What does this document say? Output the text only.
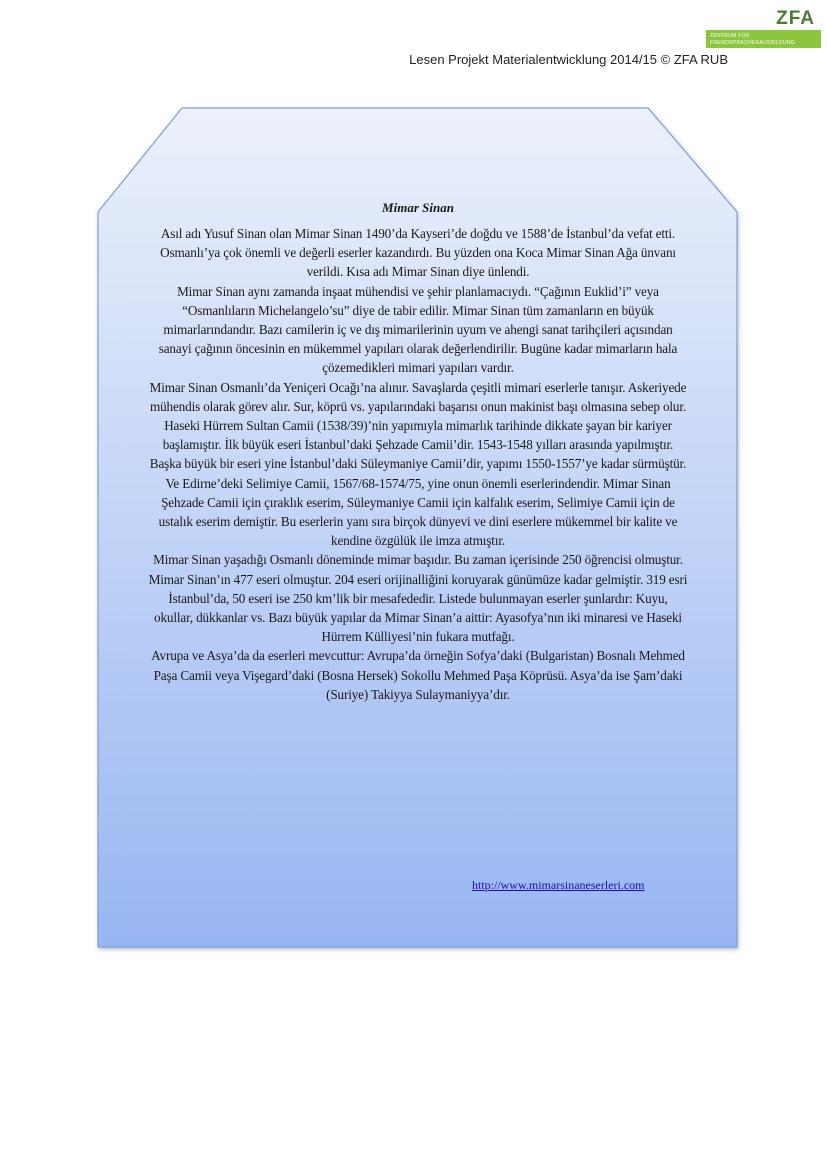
ZFA
ZENTRUM FÜR
FREMDSPRACHENAUSBILDUNG
Lesen Projekt Materialentwicklung 2014/15 © ZFA RUB
Mimar Sinan

Asıl adı Yusuf Sinan olan Mimar Sinan 1490’da Kayseri’de doğdu ve 1588’de İstanbul’da vefat etti. Osmanlı’ya çok önemli ve değerli eserler kazandırdı. Bu yüzden ona Koca Mimar Sinan Ağa ünvanı verildi. Kısa adı Mimar Sinan diye ünlendi.

Mimar Sinan aynı zamanda inşaat mühendisi ve şehir planlamacıydı. “Çağının Euklid’i” veya “Osmanlıların Michelangelo’su” diye de tabir edilir. Mimar Sinan tüm zamanların en büyük mimarlarındandır. Bazı camilerin iç ve dış mimarilerinin uyum ve ahengi sanat tarihçileri açısından sanayi çağının öncesinin en mükemmel yapıları olarak değerlendirilir. Bugüne kadar mimarların hala çözemedikleri mimari yapıları vardır.

Mimar Sinan Osmanlı’da Yeniçeri Ocağı’na alınır. Savaşlarda çeşitli mimari eserlerle tanışır. Askeriyede mühendis olarak görev alır. Sur, köprü vs. yapılarındaki başarısı onun makinist başı olmasına sebep olur. Haseki Hürrem Sultan Camii (1538/39)’nin yapımıyla mimarlık tarihinde dikkate şayan bir kariyer başlamıştır. İlk büyük eseri İstanbul’daki Şehzade Camii’dir. 1543-1548 yılları arasında yapılmıştır. Başka büyük bir eseri yine İstanbul’daki Süleymaniye Camii’dir, yapımı 1550-1557’ye kadar sürmüştür. Ve Edirne’deki Selimiye Camii, 1567/68-1574/75, yine onun önemli eserlerindendir. Mimar Sinan Şehzade Camii için çıraklık eserim, Süleymaniye Camii için kalfalık eserim, Selimiye Camii için de ustalık eserim demiştir. Bu eserlerin yanı sıra birçok dünyevi ve dini eserlere mükemmel bir kalite ve kendine özgülük ile imza atmıştır.

Mimar Sinan yaşadığı Osmanlı döneminde mimar başıdır. Bu zaman içerisinde 250 öğrencisi olmuştur.

Mimar Sinan’ın 477 eseri olmuştur. 204 eseri orijinalliğini koruyarak günümüze kadar gelmiştir. 319 esri İstanbul’da, 50 eseri ise 250 km’lik bir mesafededir. Listede bulunmayan eserler şunlardır: Kuyu, okullar, dükkanlar vs. Bazı büyük yapılar da Mimar Sinan’a aittir: Ayasofya’nın iki minaresi ve Haseki Hürrem Külliyesi’nin fukara mutfağı.

Avrupa ve Asya’da da eserleri mevcuttur: Avrupa’da örneğin Sofya’daki (Bulgaristan) Bosnalı Mehmed Paşa Camii veya Vişegard’daki (Bosna Hersek) Sokollu Mehmed Paşa Köprüsü. Asya’da ise Şam’daki (Suriye) Takiyya Sulaymaniyya’dır.

http://www.mimarsinaneserleri.com
